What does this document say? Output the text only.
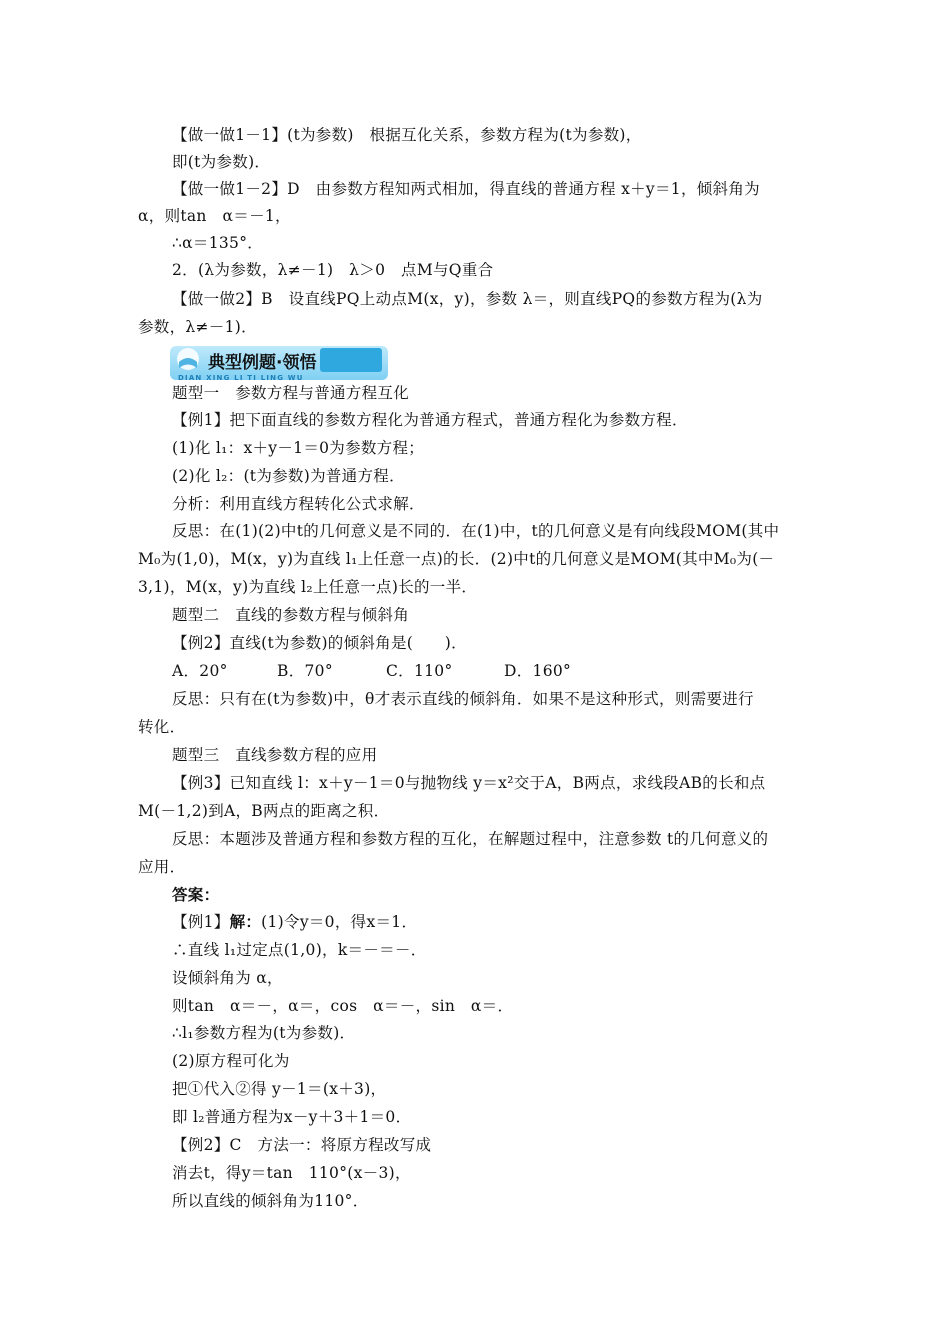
【做一做1－1】(t为参数)　根据互化关系，参数方程为(t为参数)，
即(t为参数)．
【做一做1－2】D　由参数方程知两式相加，得直线的普通方程 x＋y＝1，倾斜角为
α，则tan　α＝－1，
∴α＝135°．
2．(λ为参数，λ≠－1)　λ＞0　点M与Q重合
【做一做2】B　设直线PQ上动点M(x，y)，参数 λ＝，则直线PQ的参数方程为(λ为
参数，λ≠－1)．
典型例题·领悟
DIAN XING LI TI LING WU
题型一　参数方程与普通方程互化
【例1】把下面直线的参数方程化为普通方程式，普通方程化为参数方程．
(1)化 l₁：x＋y－1＝0为参数方程；
(2)化 l₂：(t为参数)为普通方程．
分析：利用直线方程转化公式求解．
反思：在(1)(2)中t的几何意义是不同的．在(1)中，t的几何意义是有向线段MOM(其中
M₀为(1,0)，M(x，y)为直线 l₁上任意一点)的长．(2)中t的几何意义是MOM(其中M₀为(－
3,1)，M(x，y)为直线 l₂上任意一点)长的一半．
题型二　直线的参数方程与倾斜角
【例2】直线(t为参数)的倾斜角是(　　)．
A．20°	B．70°	C．110°	D．160°
反思：只有在(t为参数)中，θ才表示直线的倾斜角．如果不是这种形式，则需要进行
转化．
题型三　直线参数方程的应用
【例3】已知直线 l：x＋y－1＝0与抛物线 y＝x²交于A，B两点，求线段AB的长和点
M(－1,2)到A，B两点的距离之积．
反思：本题涉及普通方程和参数方程的互化，在解题过程中，注意参数 t的几何意义的
应用．
答案：
【例1】解：(1)令y＝0，得x＝1．
∴直线 l₁过定点(1,0)，k＝－＝－．
设倾斜角为 α，
则tan　α＝－，α＝，cos　α＝－，sin　α＝．
∴l₁参数方程为(t为参数)．
(2)原方程可化为
把①代入②得 y－1＝(x＋3)，
即 l₂普通方程为x－y＋3＋1＝0．
【例2】C　方法一：将原方程改写成
消去t，得y＝tan　110°(x－3)，
所以直线的倾斜角为110°．
